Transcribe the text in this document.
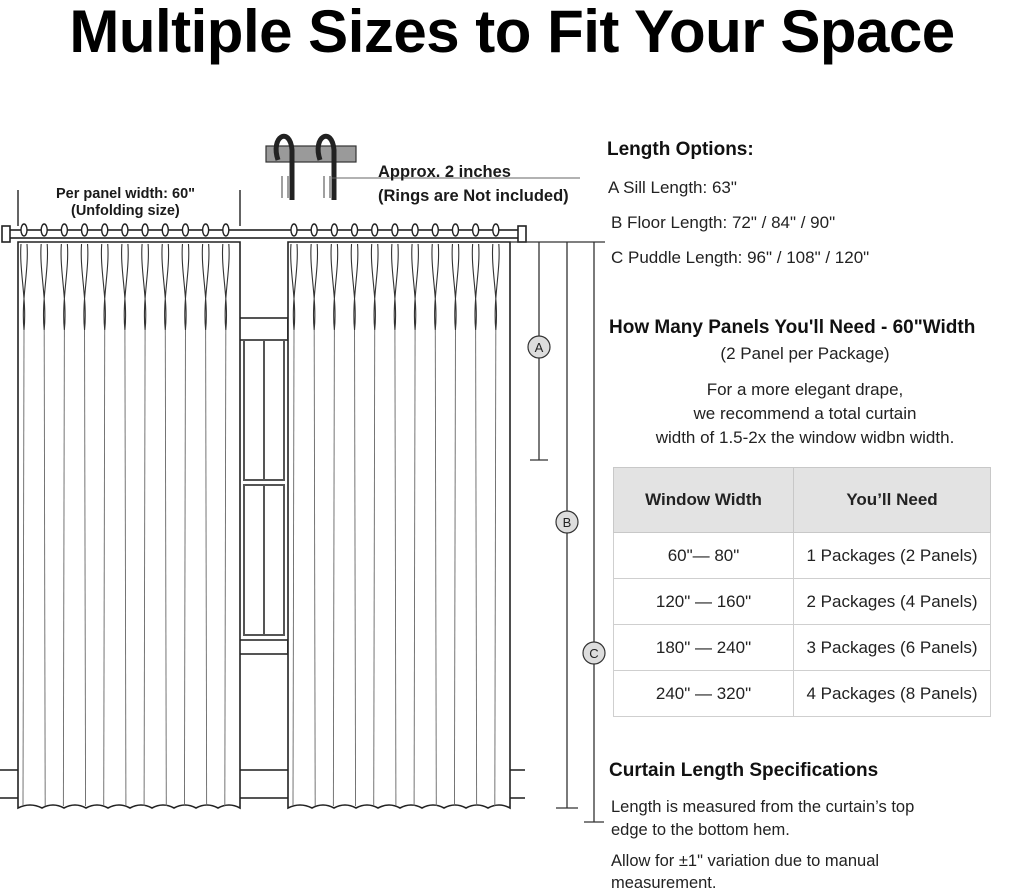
Multiple Sizes to Fit Your Space
A
B
C
Per panel width: 60"
(Unfolding size)
Approx. 2 inches
(Rings are Not included)
Length Options:
A Sill Length: 63"
B Floor Length: 72" / 84" / 90"
C Puddle Length: 96" / 108" / 120"
How Many Panels You'll Need - 60"Width
(2 Panel per Package)
For a more elegant drape,
we recommend a total curtain
width of 1.5-2x the window widbn width.
Window Width	You’ll Need
60"— 80"	1 Packages (2 Panels)
120" — 160"	2 Packages (4 Panels)
180" — 240"	3 Packages (6 Panels)
240" — 320"	4 Packages (8 Panels)
Curtain Length Specifications
Length is measured from the curtain’s top
edge to the bottom hem.
Allow for ±1" variation due to manual
measurement.
